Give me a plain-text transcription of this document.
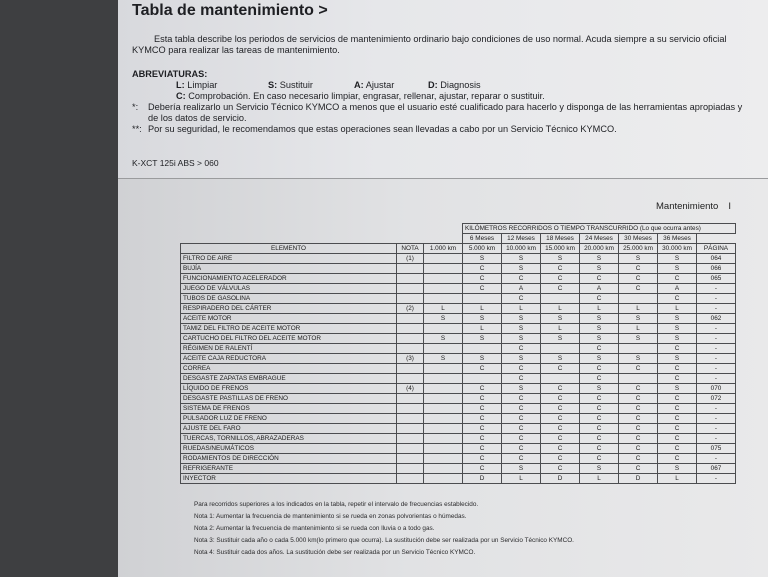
Tabla de mantenimiento >
Esta tabla describe los periodos de servicios de mantenimiento ordinario bajo condiciones de uso normal. Acuda siempre a su servicio oficial KYMCO para realizar las tareas de mantenimiento.
ABREVIATURAS:
L: Limpiar	S: Sustituir	A: Ajustar	D: Diagnosis
C: Comprobación. En caso necesario limpiar, engrasar, rellenar, ajustar, reparar o sustituir.
*:	Debería realizarlo un Servicio Técnico KYMCO a menos que el usuario esté cualificado para hacerlo y disponga de las herramientas apropiadas y de los datos de servicio.
**: Por su seguridad, le recomendamos que estas operaciones sean llevadas a cabo por un Servicio Técnico KYMCO.
K-XCT 125i ABS > 060
Mantenimiento I
			KILÓMETROS RECORRIDOS O TIEMPO TRANSCURRIDO (Lo que ocurra antes)							
			6 Meses	12 Meses	18 Meses	24 Meses	30 Meses	36 Meses		
ELEMENTO	NOTA	1.000 km	5.000 km	10.000 km	15.000 km	20.000 km	25.000 km	30.000 km	PÁGINA	
FILTRO DE AIRE	(1)		S	S	S	S	S	S	064	
BUJÍA			C	S	C	S	C	S	066	
FUNCIONAMIENTO ACELERADOR			C	C	C	C	C	C	065	
JUEGO DE VÁLVULAS			C	A	C	A	C	A	-	
TUBOS DE GASOLINA				C		C		C	-	
RESPIRADERO DEL CÁRTER	(2)	L	L	L	L	L	L	L	-	
ACEITE MOTOR		S	S	S	S	S	S	S	062	
TAMIZ DEL FILTRO DE ACEITE MOTOR			L	S	L	S	L	S	-	
CARTUCHO DEL FILTRO DEL ACEITE MOTOR		S	S	S	S	S	S	S	-	
RÉGIMEN DE RALENTÍ				C		C		C	-	
ACEITE CAJA REDUCTORA	(3)	S	S	S	S	S	S	S	-	
CORREA			C	C	C	C	C	C	-	
DESGASTE ZAPATAS EMBRAGUE				C		C		C	-	
LÍQUIDO DE FRENOS	(4)		C	S	C	S	C	S	070	
DESGASTE PASTILLAS DE FRENO			C	C	C	C	C	C	072	
SISTEMA DE FRENOS			C	C	C	C	C	C	-	
PULSADOR LUZ DE FRENO			C	C	C	C	C	C	-	
AJUSTE DEL FARO			C	C	C	C	C	C	-	
TUERCAS, TORNILLOS, ABRAZADERAS			C	C	C	C	C	C	-	
RUEDAS/NEUMÁTICOS			C	C	C	C	C	C	075	
RODAMIENTOS DE DIRECCIÓN			C	C	C	C	C	C	-	
REFRIGERANTE			C	S	C	S	C	S	067	
INYECTOR			D	L	D	L	D	L	-	
Para recorridos superiores a los indicados en la tabla, repetir el intervalo de frecuencias establecido.
Nota 1: Aumentar la frecuencia de mantenimiento si se rueda en zonas polvorientas o húmedas.
Nota 2: Aumentar la frecuencia de mantenimiento si se rueda con lluvia o a todo gas.
Nota 3: Sustituir cada año o cada 5.000 km(lo primero que ocurra). La sustitución debe ser realizada por un Servicio Técnico KYMCO.
Nota 4: Sustituir cada dos años. La sustitución debe ser realizada por un Servicio Técnico KYMCO.
